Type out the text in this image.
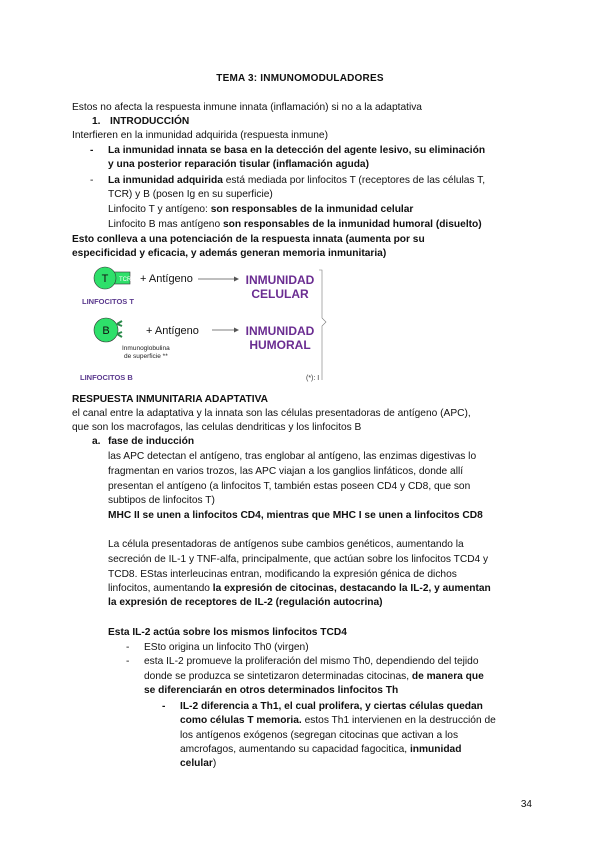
TEMA 3: INMUNOMODULADORES
Estos no afecta la respuesta inmune innata (inflamación) si no a la adaptativa
1. INTRODUCCIÓN
Interfieren en la inmunidad adquirida (respuesta inmune)
- La inmunidad innata se basa en la detección del agente lesivo, su eliminación
y una posterior reparación tisular (inflamación aguda)
- La inmunidad adquirida está mediada por linfocitos T (receptores de las células T,
TCR) y B (posen Ig en su superficie)
Linfocito T y antígeno: son responsables de la inmunidad celular
Linfocito B mas antígeno son responsables de la inmunidad humoral (disuelto)
Esto conlleva a una potenciación de la respuesta innata (aumenta por su
especificidad y eficacia, y además generan memoria inmunitaria)
T TCR* + Antígeno	INMUNIDAD
CELULAR
LINFOCITOS T
B	+ Antígeno	INMUNIDAD
HUMORAL
Inmunoglobulina
de superficie **
LINFOCITOS B	(*): I
RESPUESTA INMUNITARIA ADAPTATIVA
el canal entre la adaptativa y la innata son las células presentadoras de antígeno (APC),
que son los macrofagos, las celulas dendriticas y los linfocitos B
a. fase de inducción
las APC detectan el antígeno, tras englobar al antígeno, las enzimas digestivas lo
fragmentan en varios trozos, las APC viajan a los ganglios linfáticos, donde allí
presentan el antígeno (a linfocitos T, también estas poseen CD4 y CD8, que son
subtipos de linfocitos T)
MHC II se unen a linfocitos CD4, mientras que MHC I se unen a linfocitos CD8
La célula presentadoras de antígenos sube cambios genéticos, aumentando la
secreción de IL-1 y TNF-alfa, principalmente, que actúan sobre los linfocitos TCD4 y
TCD8. EStas interleucinas entran, modificando la expresión génica de dichos
linfocitos, aumentando la expresión de citocinas, destacando la IL-2, y aumentan
la expresión de receptores de IL-2 (regulación autocrina)
Esta IL-2 actúa sobre los mismos linfocitos TCD4
- ESto origina un linfocito Th0 (virgen)
- esta IL-2 promueve la proliferación del mismo Th0, dependiendo del tejido
donde se produzca se sintetizaron determinadas citocinas, de manera que
se diferenciarán en otros determinados linfocitos Th
- IL-2 diferencia a Th1, el cual prolifera, y ciertas células quedan
como células T memoria. estos Th1 intervienen en la destrucción de
los antígenos exógenos (segregan citocinas que activan a los
amcrofagos, aumentando su capacidad fagocitica, inmunidad
celular)
34
